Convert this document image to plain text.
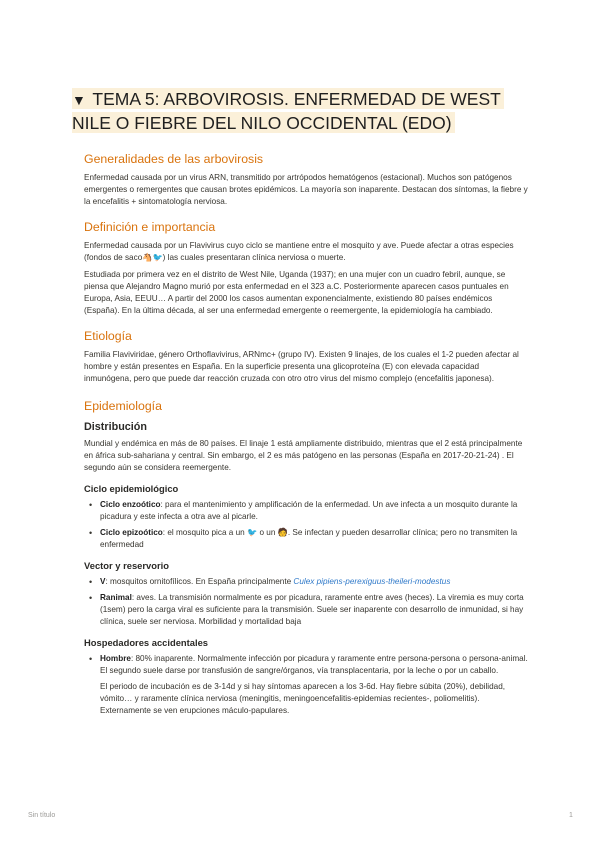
▼ TEMA 5: ARBOVIROSIS. ENFERMEDAD DE WEST NILE O FIEBRE DEL NILO OCCIDENTAL (EDO)
Generalidades de las arbovirosis

Enfermedad causada por un virus ARN, transmitido por artrópodos hematógenos (estacional). Muchos son patógenos emergentes o remergentes que causan brotes epidémicos. La mayoría son inaparente. Destacan dos síntomas, la fiebre y la encefalitis + sintomatología nerviosa.

Definición e importancia

Enfermedad causada por un Flavivirus cuyo ciclo se mantiene entre el mosquito y ave. Puede afectar a otras especies (fondos de saco🐴🐦) las cuales presentaran clínica nerviosa o muerte.

Estudiada por primera vez en el distrito de West Nile, Uganda (1937); en una mujer con un cuadro febril, aunque, se piensa que Alejandro Magno murió por esta enfermedad en el 323 a.C. Posteriormente aparecen casos puntuales en Europa, Asia, EEUU… A partir del 2000 los casos aumentan exponencialmente, existiendo 80 países endémicos (España). En la última década, al ser una enfermedad emergente o reemergente, la epidemiología ha cambiado.

Etiología

Familia Flaviviridae, género Orthoflavivirus, ARNmc+ (grupo IV). Existen 9 linajes, de los cuales el 1-2 pueden afectar al hombre y están presentes en España. En la superficie presenta una glicoproteína (E) con elevada capacidad inmunógena, pero que puede dar reacción cruzada con otro otro virus del mismo complejo (encefalitis japonesa).

Epidemiología
Distribución

Mundial y endémica en más de 80 países. El linaje 1 está ampliamente distribuido, mientras que el 2 está principalmente en áfrica sub-sahariana y central. Sin embargo, el 2 es más patógeno en las personas (España en 2017-20-21-24) . El segundo aún se considera reemergente.

Ciclo epidemiológico
• Ciclo enzoótico: para el mantenimiento y amplificación de la enfermedad. Un ave infecta a un mosquito durante la picadura y este infecta a otra ave al picarle.
• Ciclo epizoótico: el mosquito pica a un 🐦 o un 🧑. Se infectan y pueden desarrollar clínica; pero no transmiten la enfermedad
Vector y reservorio
• V: mosquitos ornitofílicos. En España principalmente Culex pipiens-perexiguus-theileri-modestus
• Ranimal: aves. La transmisión normalmente es por picadura, raramente entre aves (heces). La viremia es muy corta (1sem) pero la carga viral es suficiente para la transmisión. Suele ser inaparente con desarrollo de inmunidad, si hay clínica, suele ser nerviosa. Morbilidad y mortalidad baja
Hospedadores accidentales
• Hombre: 80% inaparente. Normalmente infección por picadura y raramente entre persona-persona o persona-animal. El segundo suele darse por transfusión de sangre/órganos, vía transplacentaria, por la leche o por un caballo.
El periodo de incubación es de 3-14d y si hay síntomas aparecen a los 3-6d. Hay fiebre súbita (20%), debilidad, vómito… y raramente clínica nerviosa (meningitis, meningoencefalitis-epidemias recientes-, poliomelitis). Externamente se ven erupciones máculo-papulares.
Sin título	1
